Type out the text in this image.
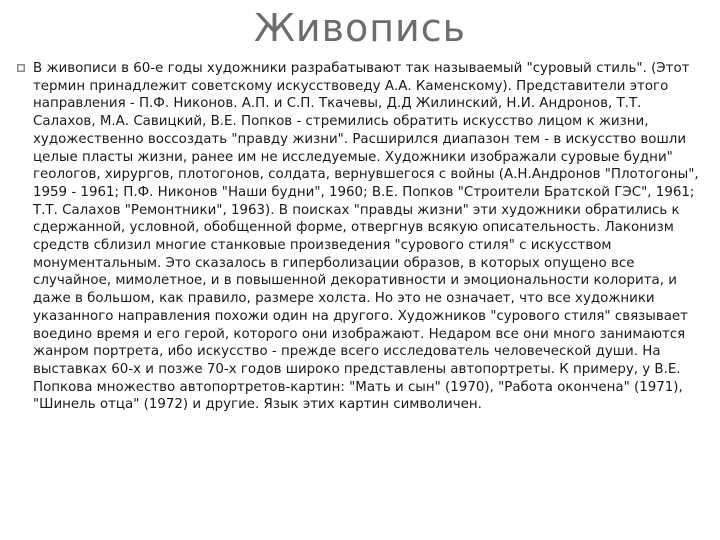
Живопись

В живописи в 60-е годы художники разрабатывают так называемый "суровый стиль". (Этот термин принадлежит советскому искусствоведу А.А. Каменскому). Представители этого направления - П.Ф. Никонов. А.П. и С.П. Ткачевы, Д.Д Жилинский, Н.И. Андронов, Т.Т. Салахов, М.А. Савицкий, В.Е. Попков - стремились обратить искусство лицом к жизни, художественно воссоздать "правду жизни". Расширился диапазон тем - в искусство вошли целые пласты жизни, ранее им не исследуемые. Художники изображали суровые будни" геологов, хирургов, плотогонов, солдата, вернувшегося с войны (А.Н.Андронов "Плотогоны", 1959 - 1961; П.Ф. Никонов "Наши будни", 1960; В.Е. Попков "Строители Братской ГЭС", 1961; Т.Т. Салахов "Ремонтники", 1963). В поисках "правды жизни" эти художники обратились к сдержанной, условной, обобщенной форме, отвергнув всякую описательность. Лаконизм средств сблизил многие станковые произведения "сурового стиля" с искусством монументальным. Это сказалось в гиперболизации образов, в которых опущено все случайное, мимолетное, и в повышенной декоративности и эмоциональности колорита, и даже в большом, как правило, размере холста. Но это не означает, что все художники указанного направления похожи один на другого. Художников "сурового стиля" связывает воедино время и его герой, которого они изображают. Недаром все они много занимаются жанром портрета, ибо искусство - прежде всего исследователь человеческой души. На выставках 60-х и позже 70-х годов широко представлены автопортреты. К примеру, у В.Е. Попкова множество автопортретов-картин: "Мать и сын" (1970), "Работа окончена" (1971), "Шинель отца" (1972) и другие. Язык этих картин символичен.
